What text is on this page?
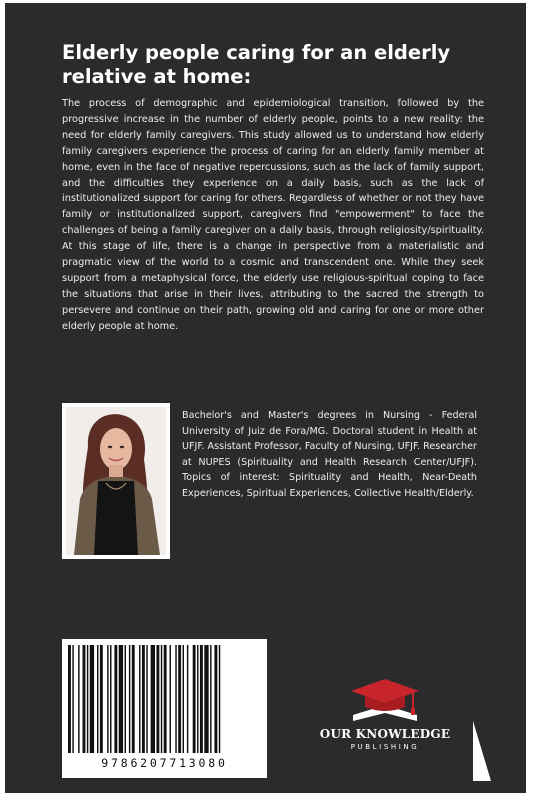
Elderly people caring for an elderly relative at home:

The process of demographic and epidemiological transition, followed by the progressive increase in the number of elderly people, points to a new reality: the need for elderly family caregivers. This study allowed us to understand how elderly family caregivers experience the process of caring for an elderly family member at home, even in the face of negative repercussions, such as the lack of family support, and the difficulties they experience on a daily basis, such as the lack of institutionalized support for caring for others. Regardless of whether or not they have family or institutionalized support, caregivers find "empowerment" to face the challenges of being a family caregiver on a daily basis, through religiosity/spirituality. At this stage of life, there is a change in perspective from a materialistic and pragmatic view of the world to a cosmic and transcendent one. While they seek support from a metaphysical force, the elderly use religious-spiritual coping to face the situations that arise in their lives, attributing to the sacred the strength to persevere and continue on their path, growing old and caring for one or more other elderly people at home.

Bachelor's and Master's degrees in Nursing - Federal University of Juiz de Fora/MG. Doctoral student in Health at UFJF. Assistant Professor, Faculty of Nursing, UFJF. Researcher at NUPES (Spirituality and Health Research Center/UFJF). Topics of interest: Spirituality and Health, Near-Death Experiences, Spiritual Experiences, Collective Health/Elderly.

9786207713080
OUR KNOWLEDGE
PUBLISHING
